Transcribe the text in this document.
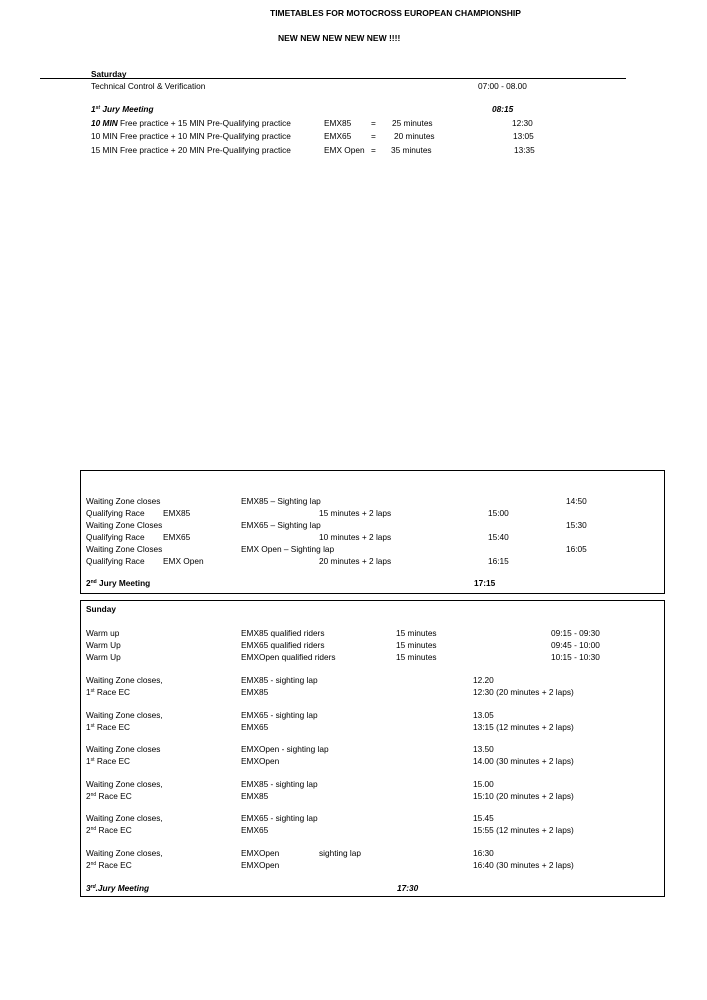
TIMETABLES FOR MOTOCROSS EUROPEAN CHAMPIONSHIP
NEW NEW NEW NEW NEW !!!!
Saturday
Technical Control & Verification	07:00 - 08.00
1st Jury Meeting	08:15
10 MIN Free practice + 15 MIN Pre-Qualifying practice	EMX85 = 25 minutes	12:30
10 MIN Free practice + 10 MIN Pre-Qualifying practice	EMX65 = 20 minutes	13:05
15 MIN Free practice + 20 MIN Pre-Qualifying practice	EMX Open = 35 minutes	13:35
Waiting Zone closes	EMX85 – Sighting lap	14:50
Qualifying Race EMX85	15 minutes + 2 laps	15:00
Waiting Zone Closes	EMX65 – Sighting lap	15:30
Qualifying Race EMX65	10 minutes + 2 laps	15:40
Waiting Zone Closes	EMX Open – Sighting lap	16:05
Qualifying Race EMX Open	20 minutes + 2 laps	16:15
2nd Jury Meeting	17:15
Sunday
Warm up	EMX85 qualified riders	15 minutes	09:15 - 09:30
Warm Up	EMX65 qualified riders	15 minutes	09:45 - 10:00
Warm Up	EMXOpen qualified riders	15 minutes	10:15 - 10:30
Waiting Zone closes,	EMX85 - sighting lap	12.20
1st Race EC	EMX85	12:30 (20 minutes + 2 laps)
Waiting Zone closes,	EMX65 - sighting lap	13.05
1st Race EC	EMX65	13:15 (12 minutes + 2 laps)
Waiting Zone closes	EMXOpen - sighting lap	13.50
1st Race EC	EMXOpen	14.00 (30 minutes + 2 laps)
Waiting Zone closes,	EMX85 - sighting lap	15.00
2nd Race EC	EMX85	15:10 (20 minutes + 2 laps)
Waiting Zone closes,	EMX65 - sighting lap	15.45
2nd Race EC	EMX65	15:55 (12 minutes + 2 laps)
Waiting Zone closes,	EMXOpen	sighting lap	16:30
2nd Race EC	EMXOpen	16:40 (30 minutes + 2 laps)
3rd.Jury Meeting	17:30
